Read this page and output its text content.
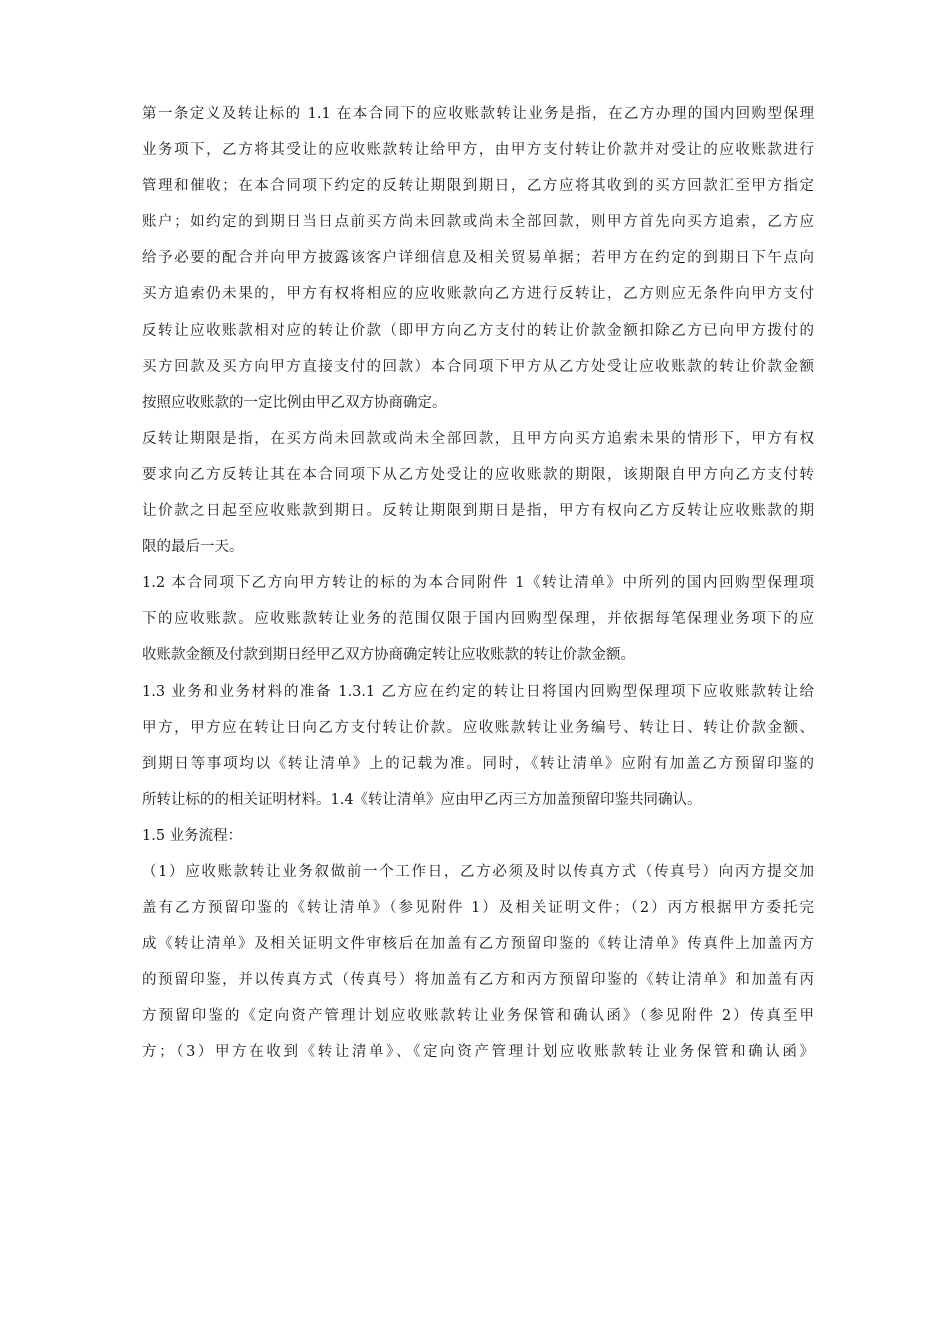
第一条定义及转让标的 1.1 在本合同下的应收账款转让业务是指，在乙方办理的国内回购型保理
业务项下，乙方将其受让的应收账款转让给甲方，由甲方支付转让价款并对受让的应收账款进行
管理和催收；在本合同项下约定的反转让期限到期日，乙方应将其收到的买方回款汇至甲方指定
账户；如约定的到期日当日点前买方尚未回款或尚未全部回款，则甲方首先向买方追索，乙方应
给予必要的配合并向甲方披露该客户详细信息及相关贸易单据；若甲方在约定的到期日下午点向
买方追索仍未果的，甲方有权将相应的应收账款向乙方进行反转让，乙方则应无条件向甲方支付
反转让应收账款相对应的转让价款（即甲方向乙方支付的转让价款金额扣除乙方已向甲方拨付的
买方回款及买方向甲方直接支付的回款）本合同项下甲方从乙方处受让应收账款的转让价款金额
按照应收账款的一定比例由甲乙双方协商确定。
反转让期限是指，在买方尚未回款或尚未全部回款，且甲方向买方追索未果的情形下，甲方有权
要求向乙方反转让其在本合同项下从乙方处受让的应收账款的期限，该期限自甲方向乙方支付转
让价款之日起至应收账款到期日。反转让期限到期日是指，甲方有权向乙方反转让应收账款的期
限的最后一天。
1.2 本合同项下乙方向甲方转让的标的为本合同附件 1《转让清单》中所列的国内回购型保理项
下的应收账款。应收账款转让业务的范围仅限于国内回购型保理，并依据每笔保理业务项下的应
收账款金额及付款到期日经甲乙双方协商确定转让应收账款的转让价款金额。
1.3 业务和业务材料的准备 1.3.1 乙方应在约定的转让日将国内回购型保理项下应收账款转让给
甲方，甲方应在转让日向乙方支付转让价款。应收账款转让业务编号、转让日、转让价款金额、
到期日等事项均以《转让清单》上的记载为准。同时，《转让清单》应附有加盖乙方预留印鉴的
所转让标的的相关证明材料。1.4《转让清单》应由甲乙丙三方加盖预留印鉴共同确认。
1.5 业务流程：
（1）应收账款转让业务叙做前一个工作日，乙方必须及时以传真方式（传真号）向丙方提交加
盖有乙方预留印鉴的《转让清单》（参见附件 1）及相关证明文件；（2）丙方根据甲方委托完
成《转让清单》及相关证明文件审核后在加盖有乙方预留印鉴的《转让清单》传真件上加盖丙方
的预留印鉴，并以传真方式（传真号）将加盖有乙方和丙方预留印鉴的《转让清单》和加盖有丙
方预留印鉴的《定向资产管理计划应收账款转让业务保管和确认函》（参见附件 2）传真至甲
方；（3）甲方在收到《转让清单》、《定向资产管理计划应收账款转让业务保管和确认函》
